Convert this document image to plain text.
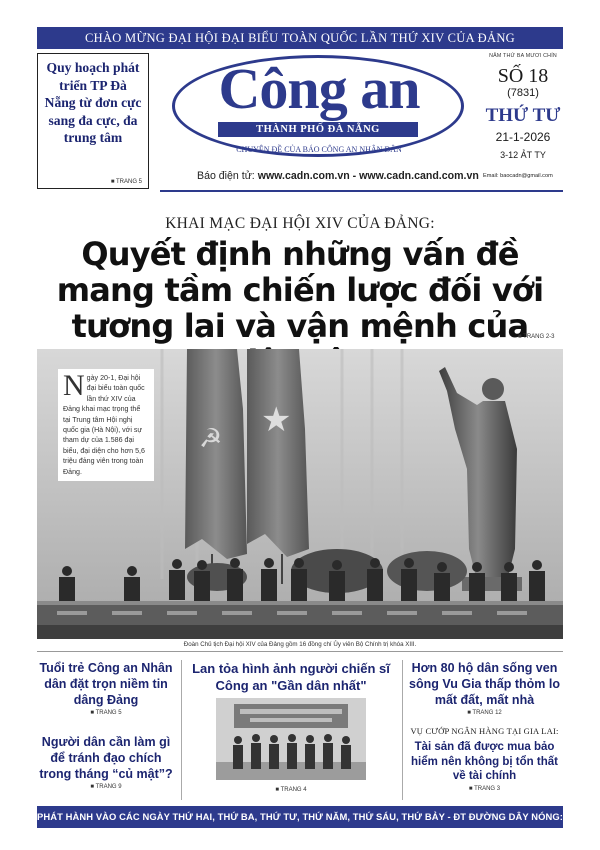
CHÀO MỪNG ĐẠI HỘI ĐẠI BIỂU TOÀN QUỐC LẦN THỨ XIV CỦA ĐẢNG
Quy hoạch phát triển TP Đà Nẵng từ đơn cực sang đa cực, đa trung tâm
■ TRANG 5
Công an
THÀNH PHỐ ĐÀ NẴNG
CHUYÊN ĐỀ CỦA BÁO CÔNG AN NHÂN DÂN
Báo điện tử: www.cadn.com.vn - www.cadn.cand.com.vn
NĂM THỨ BA MƯƠI CHÍN
SỐ 18
(7831)
THỨ TƯ
21-1-2026
3-12 ẢT TY
Email: baocadn@gmail.com
KHAI MẠC ĐẠI HỘI XIV CỦA ĐẢNG:
Quyết định những vấn đề mang tầm chiến lược đối với tương lai và vận mệnh của
■ TRANG 2-3
☭ ★
Ngày 20-1, Đại hội đại biểu toàn quốc lần thứ XIV của Đảng khai mạc trọng thể tại Trung tâm Hội nghị quốc gia (Hà Nội), với sự tham dự của 1.586 đại biểu, đại diện cho hơn 5,6 triệu đảng viên trong toàn Đảng.
Đoàn Chủ tịch Đại hội XIV của Đảng gồm 16 đồng chí Ủy viên Bộ Chính trị khóa XIII.
Tuổi trẻ Công an Nhân dân đặt trọn niềm tin dâng Đảng
■ TRANG 5
Người dân cần làm gì để tránh đạo chích trong tháng “củ mật”?
■ TRANG 9
Lan tỏa hình ảnh người chiến sĩ Công an "Gần dân nhất"
■ TRANG 4
Hơn 80 hộ dân sống ven sông Vu Gia thấp thỏm lo mất đất, mất nhà
■ TRANG 12
VỤ CƯỚP NGÂN HÀNG TẠI GIA LAI:
Tài sản đã được mua bảo hiểm nên không bị tổn thất về tài chính
■ TRANG 3
PHÁT HÀNH VÀO CÁC NGÀY THỨ HAI, THỨ BA, THỨ TƯ, THỨ NĂM, THỨ SÁU, THỨ BẢY - ĐT ĐƯỜNG DÂY NÓNG: 0905.81.81.81
